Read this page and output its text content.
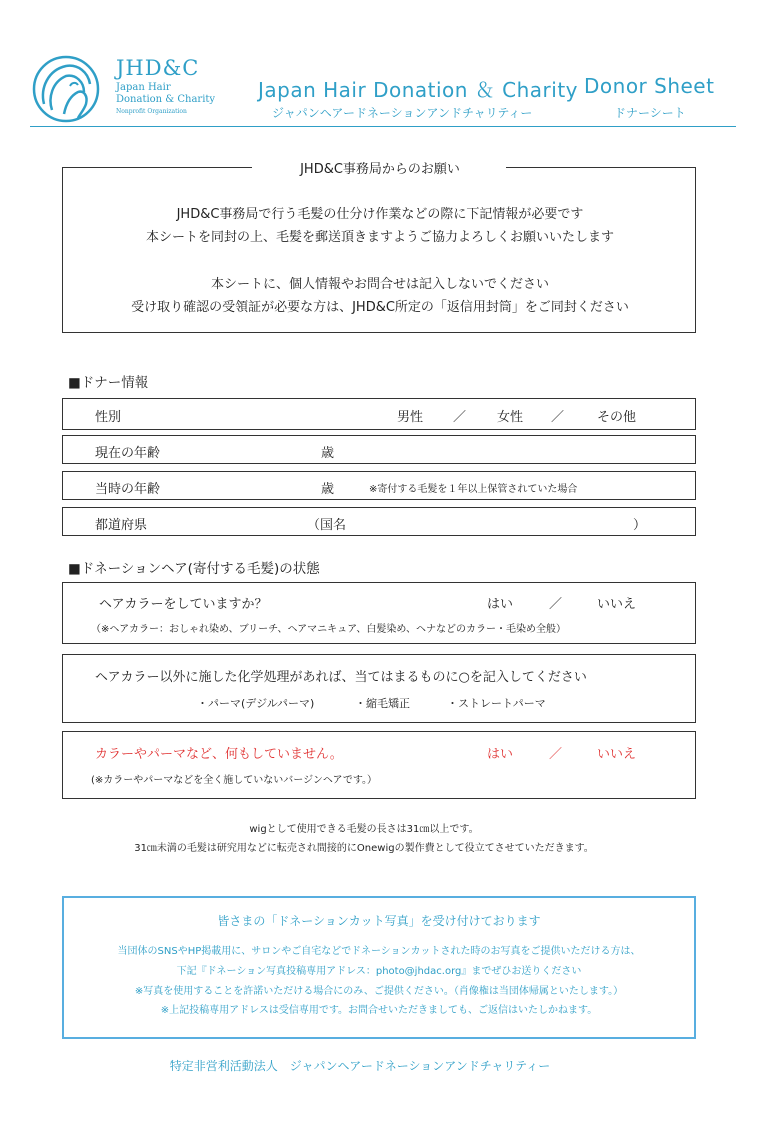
JHD&C
Japan Hair
Donation & Charity
Nonprofit Organization
Japan Hair Donation ＆ Charity Donor Sheet
ジャパンヘアードネーションアンドチャリティー	ドナーシート
JHD&C事務局からのお願い
JHD&C事務局で行う毛髪の仕分け作業などの際に下記情報が必要です
本シートを同封の上、毛髪を郵送頂きますようご協力よろしくお願いいたします
本シートに、個人情報やお問合せは記入しないでください
受け取り確認の受領証が必要な方は、JHD&C所定の「返信用封筒」をご同封ください
■ドナー情報
性別	男性 ／ 女性 ／	その他
現在の年齢	歳
当時の年齢	歳	※寄付する毛髪を１年以上保管されていた場合
都道府県	（国名	）
■ドネーションヘア(寄付する毛髪)の状態
ヘアカラーをしていますか？	はい	／	いいえ
（※ヘアカラー：おしゃれ染め、ブリーチ、ヘアマニキュア、白髪染め、ヘナなどのカラー・毛染め全般）
ヘアカラー以外に施した化学処理があれば、当てはまるものに○を記入してください
・パーマ(デジルパーマ)	・縮毛矯正	・ストレートパーマ
カラーやパーマなど、何もしていません。	はい	／	いいえ
(※カラーやパーマなどを全く施していないバージンヘアです。）
wigとして使用できる毛髪の長さは31㎝以上です。
31㎝未満の毛髪は研究用などに転売され間接的にOnewigの製作費として役立てさせていただきます。
皆さまの「ドネーションカット写真」を受け付けております
当団体のSNSやHP掲載用に、サロンやご自宅などでドネーションカットされた時のお写真をご提供いただける方は、
下記『ドネーション写真投稿専用アドレス：photo@jhdac.org』までぜひお送りください
※写真を使用することを許諾いただける場合にのみ、ご提供ください。（肖像権は当団体帰属といたします。）
※上記投稿専用アドレスは受信専用です。お問合せいただきましても、ご返信はいたしかねます。
特定非営利活動法人　ジャパンヘアードネーションアンドチャリティー
